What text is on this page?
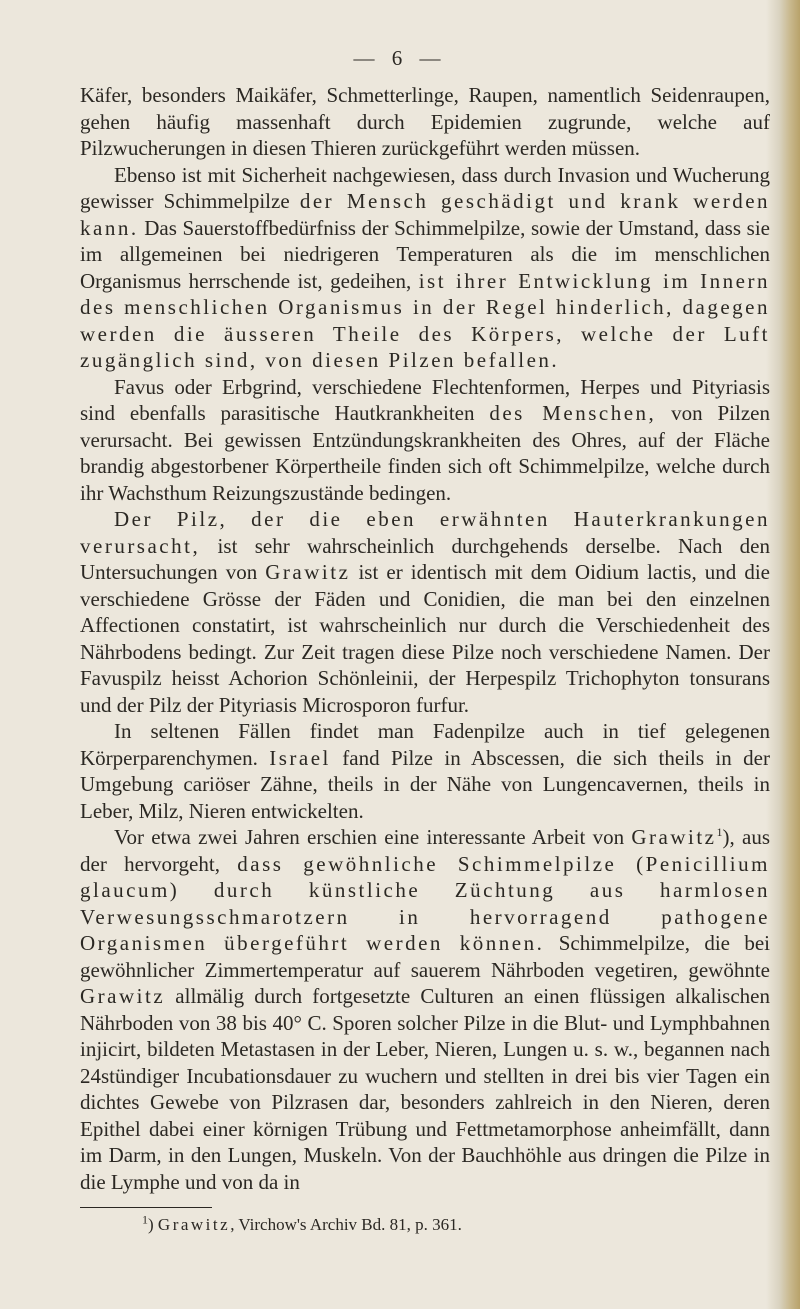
— 6 —

Käfer, besonders Maikäfer, Schmetterlinge, Raupen, namentlich Seidenraupen, gehen häufig massenhaft durch Epidemien zugrunde, welche auf Pilzwucherungen in diesen Thieren zurückgeführt werden müssen.

Ebenso ist mit Sicherheit nachgewiesen, dass durch Invasion und Wucherung gewisser Schimmelpilze der Mensch geschädigt und krank werden kann. Das Sauerstoffbedürfniss der Schimmelpilze, sowie der Umstand, dass sie im allgemeinen bei niedrigeren Temperaturen als die im menschlichen Organismus herrschende ist, gedeihen, ist ihrer Entwicklung im Innern des menschlichen Organismus in der Regel hinderlich, dagegen werden die äusseren Theile des Körpers, welche der Luft zugänglich sind, von diesen Pilzen befallen.

Favus oder Erbgrind, verschiedene Flechtenformen, Herpes und Pityriasis sind ebenfalls parasitische Hautkrankheiten des Menschen, von Pilzen verursacht. Bei gewissen Entzündungskrankheiten des Ohres, auf der Fläche brandig abgestorbener Körpertheile finden sich oft Schimmelpilze, welche durch ihr Wachsthum Reizungszustände bedingen.

Der Pilz, der die eben erwähnten Hauterkrankungen verursacht, ist sehr wahrscheinlich durchgehends derselbe. Nach den Untersuchungen von Grawitz ist er identisch mit dem Oidium lactis, und die verschiedene Grösse der Fäden und Conidien, die man bei den einzelnen Affectionen constatirt, ist wahrscheinlich nur durch die Verschiedenheit des Nährbodens bedingt. Zur Zeit tragen diese Pilze noch verschiedene Namen. Der Favuspilz heisst Achorion Schönleinii, der Herpespilz Trichophyton tonsurans und der Pilz der Pityriasis Microsporon furfur.

In seltenen Fällen findet man Fadenpilze auch in tief gelegenen Körperparenchymen. Israel fand Pilze in Abscessen, die sich theils in der Umgebung cariöser Zähne, theils in der Nähe von Lungencavernen, theils in Leber, Milz, Nieren entwickelten.

Vor etwa zwei Jahren erschien eine interessante Arbeit von Grawitz$^1$), aus der hervorgeht, dass gewöhnliche Schimmelpilze (Penicillium glaucum) durch künstliche Züchtung aus harmlosen Verwesungsschmarotzern in hervorragend pathogene Organismen übergeführt werden können. Schimmelpilze, die bei gewöhnlicher Zimmertemperatur auf sauerem Nährboden vegetiren, gewöhnte Grawitz allmälig durch fortgesetzte Culturen an einen flüssigen alkalischen Nährboden von 38 bis 40° C. Sporen solcher Pilze in die Blut- und Lymphbahnen injicirt, bildeten Metastasen in der Leber, Nieren, Lungen u. s. w., begannen nach 24stündiger Incubationsdauer zu wuchern und stellten in drei bis vier Tagen ein dichtes Gewebe von Pilzrasen dar, besonders zahlreich in den Nieren, deren Epithel dabei einer körnigen Trübung und Fettmetamorphose anheimfällt, dann im Darm, in den Lungen, Muskeln. Von der Bauchhöhle aus dringen die Pilze in die Lymphe und von da in

$^1$) Grawitz, Virchow's Archiv Bd. 81, p. 361.
